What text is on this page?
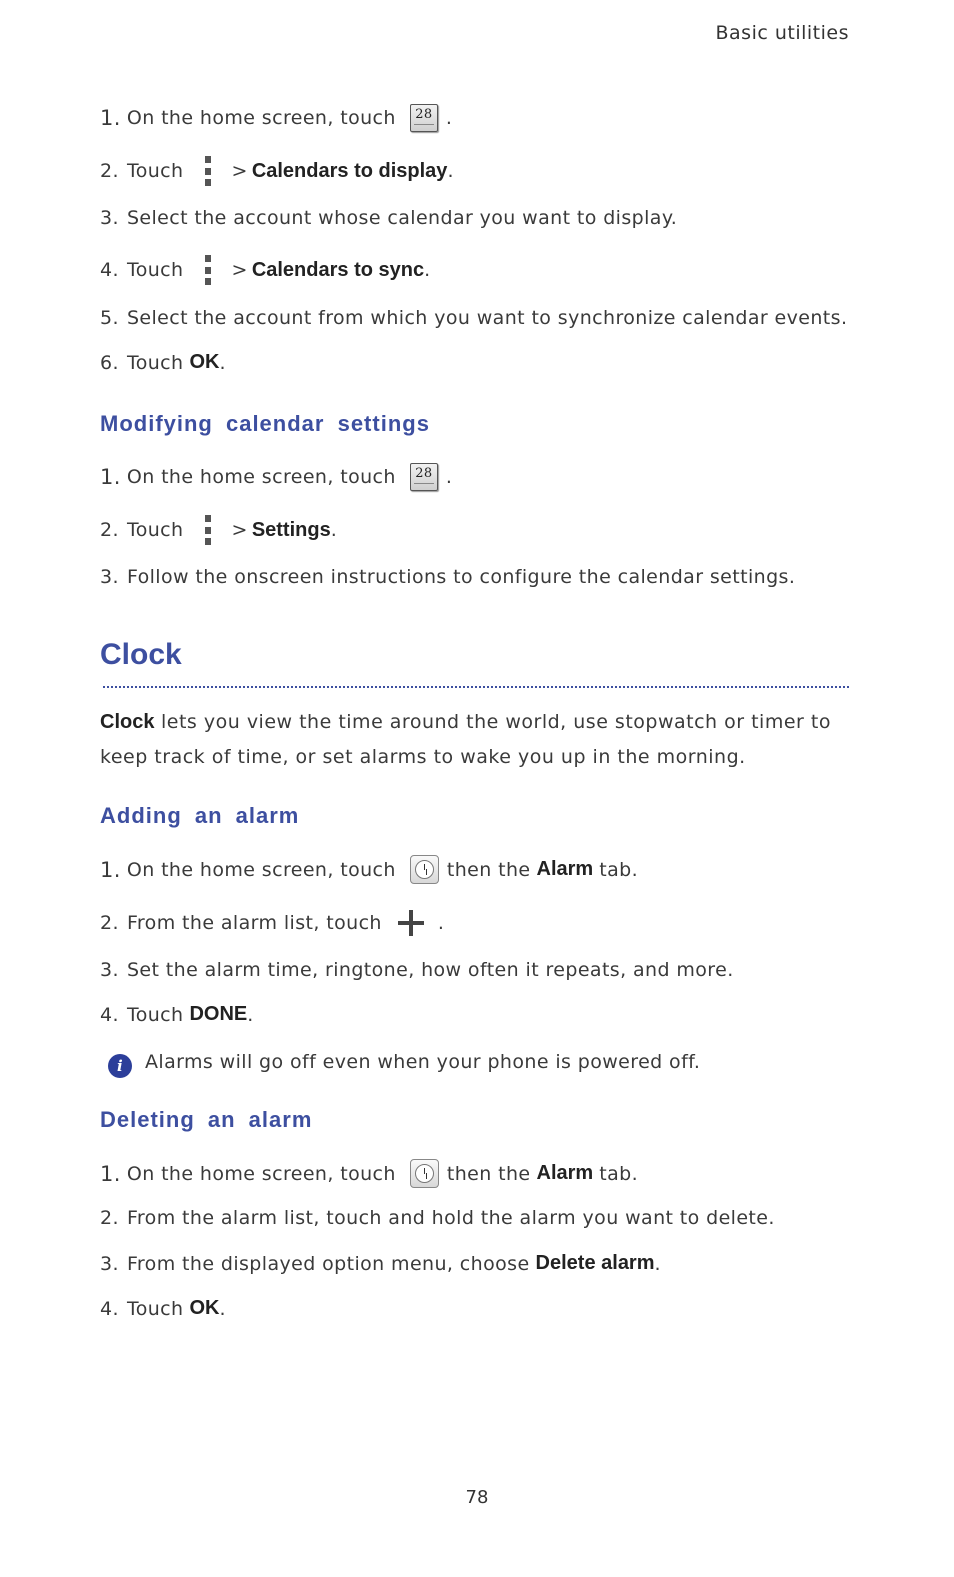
Basic utilities
1. On the home screen, touch	28 .
2. Touch	> Calendars to display .
3. Select the account whose calendar you want to display.
4. Touch	> Calendars to sync .
5. Select the account from which you want to synchronize calendar events.
6. Touch OK .
Modifying calendar settings
1. On the home screen, touch	28 .
2. Touch	> Settings .
3. Follow the onscreen instructions to configure the calendar settings.
Clock
Clock lets you view the time around the world, use stopwatch or timer to keep track of time, or set alarms to wake you up in the morning.
Adding an alarm
1. On the home screen, touch	then the Alarm tab.
2. From the alarm list, touch	.
3. Set the alarm time, ringtone, how often it repeats, and more.
4. Touch DONE .
i	Alarms will go off even when your phone is powered off.
Deleting an alarm
1. On the home screen, touch	then the Alarm tab.
2. From the alarm list, touch and hold the alarm you want to delete.
3. From the displayed option menu, choose Delete alarm .
4. Touch OK .
78
